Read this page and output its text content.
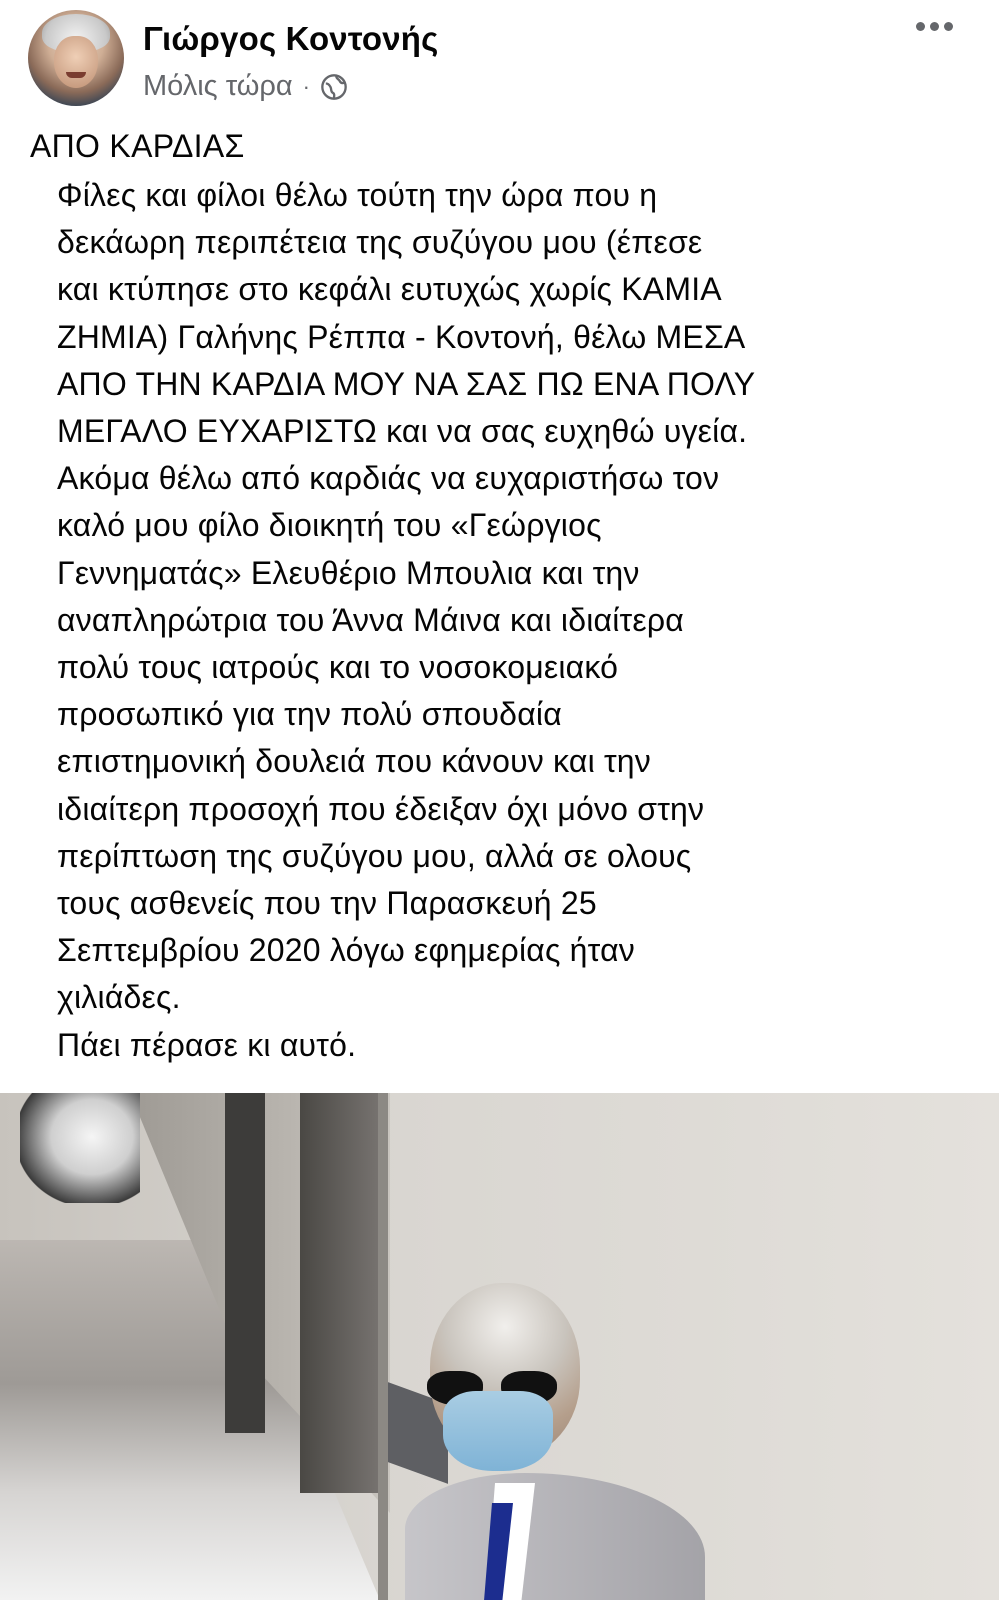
Γιώργος Κοντονής
Μόλις τώρα ·
ΑΠΟ ΚΑΡΔΙΑΣ

Φίλες και φίλοι θέλω τούτη την ώρα που η

δεκάωρη περιπέτεια της συζύγου μου (έπεσε

και κτύπησε στο κεφάλι ευτυχώς χωρίς ΚΑΜΙΑ

ΖΗΜΙΑ) Γαλήνης Ρέππα - Κοντονή, θέλω ΜΕΣΑ

ΑΠΟ ΤΗΝ ΚΑΡΔΙΑ ΜΟΥ ΝΑ ΣΑΣ ΠΩ ΕΝΑ ΠΟΛΥ

ΜΕΓΑΛΟ ΕΥΧΑΡΙΣΤΩ και να σας ευχηθώ υγεία.

Ακόμα θέλω από καρδιάς να ευχαριστήσω τον

καλό μου φίλο διοικητή του «Γεώργιος

Γεννηματάς» Ελευθέριο Μπουλια και την

αναπληρώτρια του Άννα Μάινα και ιδιαίτερα

πολύ τους ιατρούς και το νοσοκομειακό

προσωπικό για την πολύ σπουδαία

επιστημονική δουλειά που κάνουν και την

ιδιαίτερη προσοχή που έδειξαν όχι μόνο στην

περίπτωση της συζύγου μου, αλλά σε ολους

τους ασθενείς που την Παρασκευή 25

Σεπτεμβρίου 2020 λόγω εφημερίας ήταν

χιλιάδες.

Πάει πέρασε κι αυτό.
